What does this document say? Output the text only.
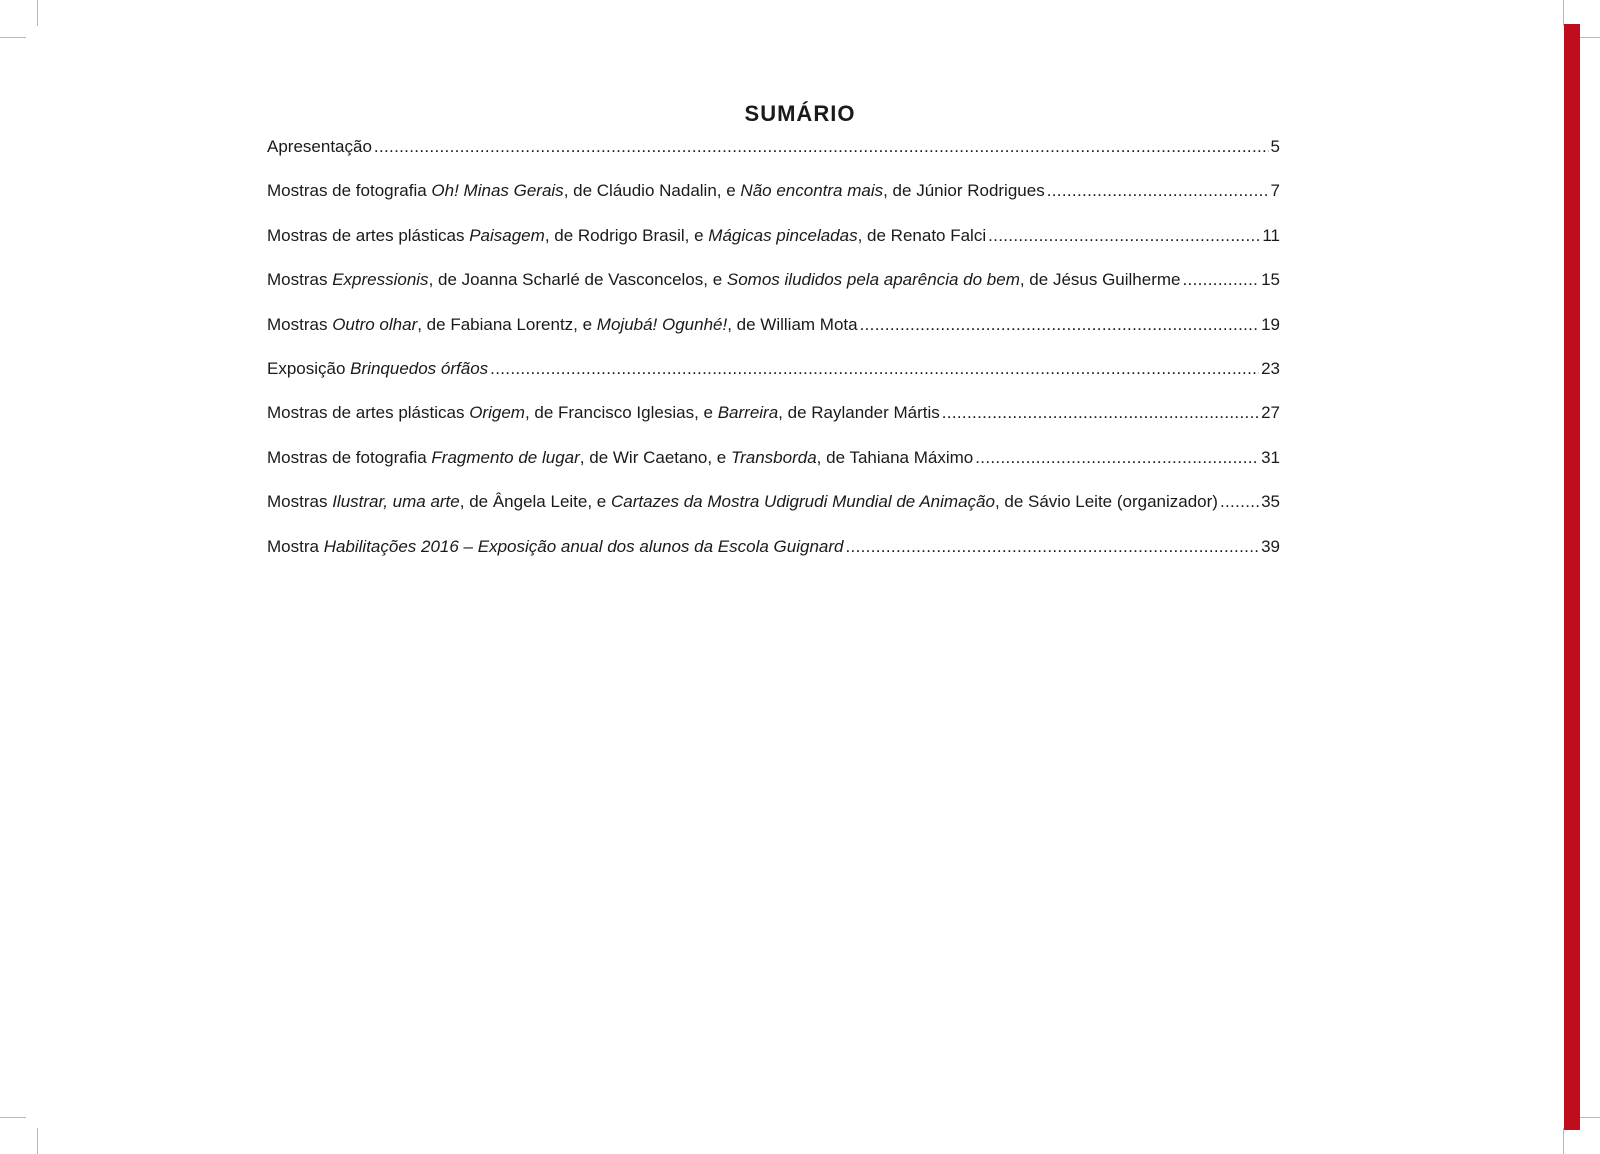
SUMÁRIO
Apresentação . . .	5
Mostras de fotografia Oh! Minas Gerais, de Cláudio Nadalin, e Não encontra mais, de Júnior Rodrigues . . .	7
Mostras de artes plásticas Paisagem, de Rodrigo Brasil, e Mágicas pinceladas, de Renato Falci . . .	11
Mostras Expressionis, de Joanna Scharlé de Vasconcelos, e Somos iludidos pela aparência do bem, de Jésus Guilherme . . .	15
Mostras Outro olhar, de Fabiana Lorentz, e Mojubá! Ogunhé!, de William Mota . . .	19
Exposição Brinquedos órfãos . . .	23
Mostras de artes plásticas Origem, de Francisco Iglesias, e Barreira, de Raylander Mártis . . .	27
Mostras de fotografia Fragmento de lugar, de Wir Caetano, e Transborda, de Tahiana Máximo . . .	31
Mostras Ilustrar, uma arte, de Ângela Leite, e Cartazes da Mostra Udigrudi Mundial de Animação, de Sávio Leite (organizador) . . .	35
Mostra Habilitações 2016 – Exposição anual dos alunos da Escola Guignard . . .	39
